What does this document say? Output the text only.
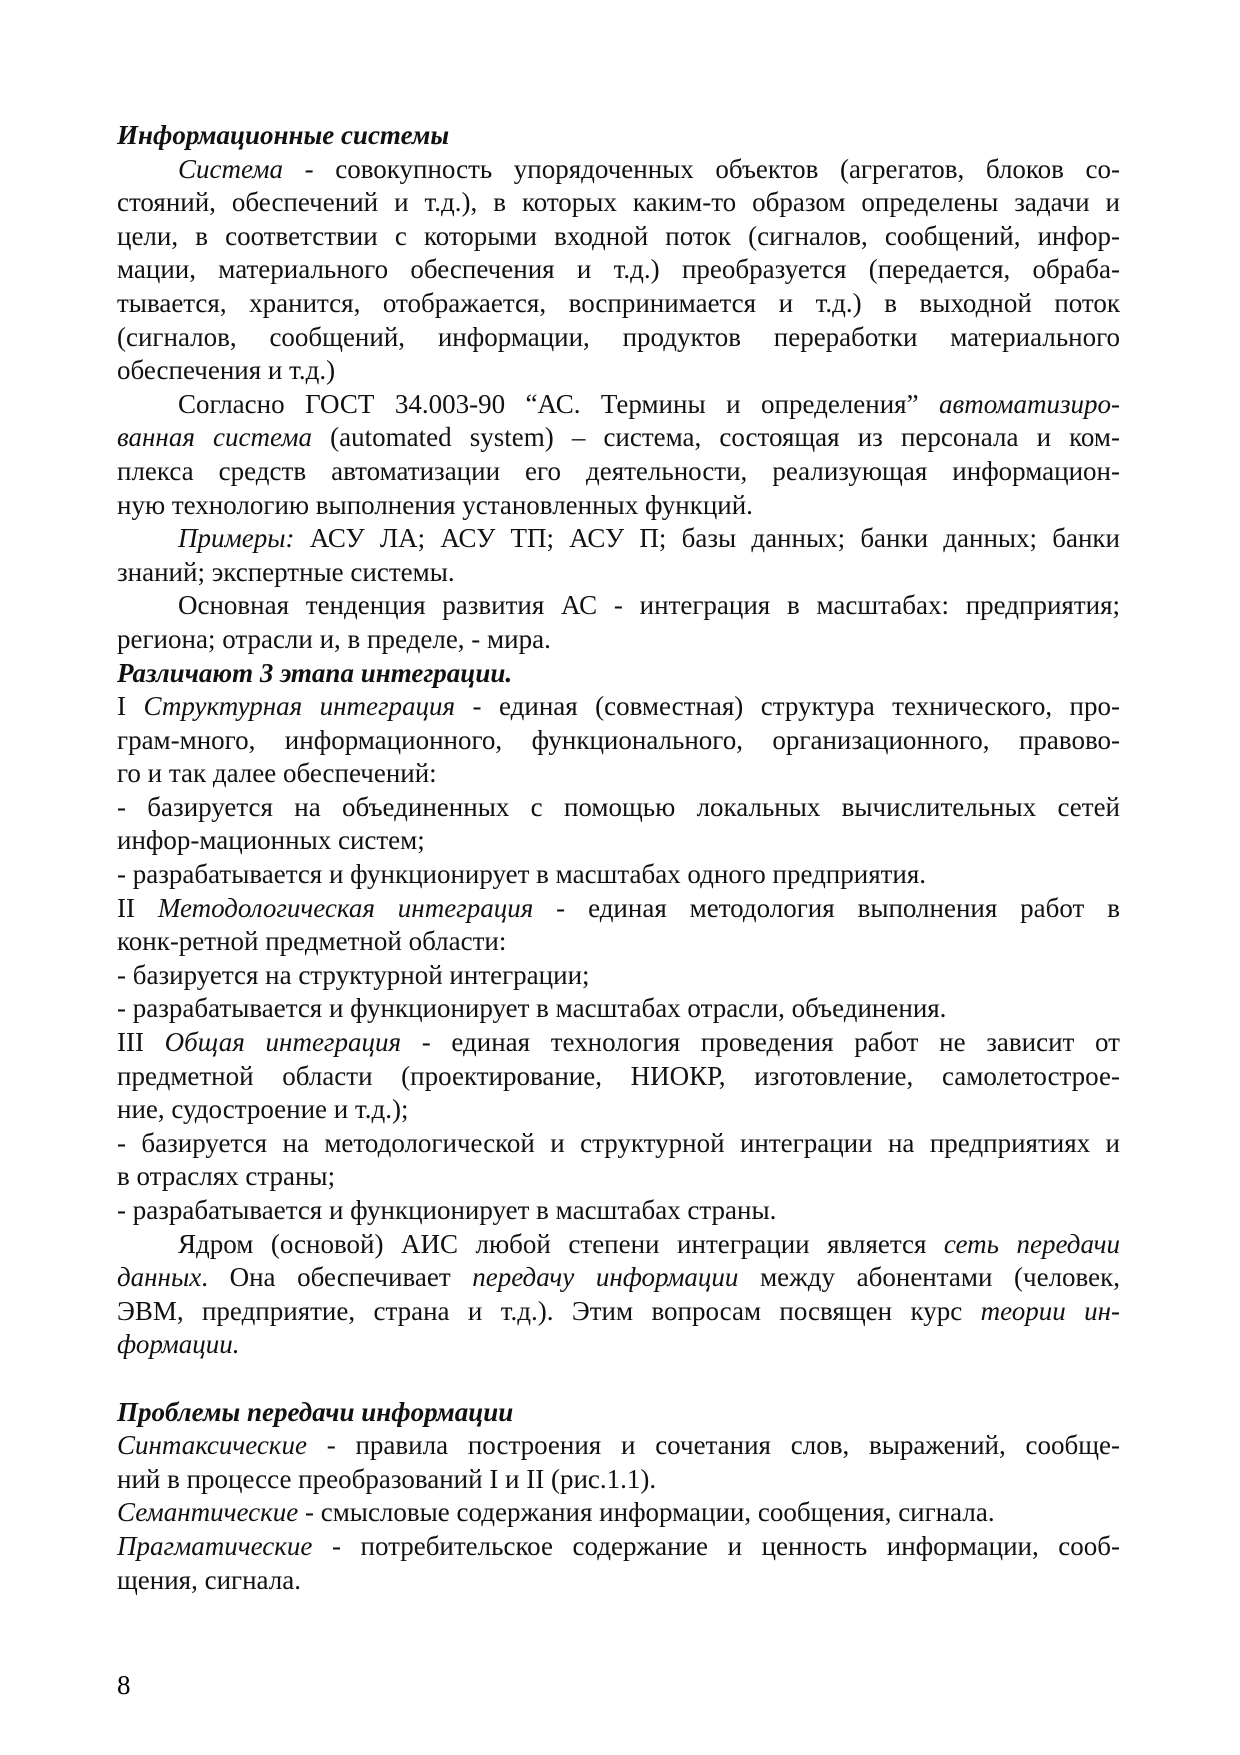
Информационные системы
Система - совокупность упорядоченных объектов (агрегатов, блоков со-
стояний, обеспечений и т.д.), в которых каким-то образом определены задачи и
цели, в соответствии с которыми входной поток (сигналов, сообщений, инфор-
мации, материального обеспечения и т.д.) преобразуется (передается, обраба-
тывается, хранится, отображается, воспринимается и т.д.) в выходной поток
(сигналов, сообщений, информации, продуктов переработки материального
обеспечения и т.д.)
Согласно ГОСТ 34.003-90 “АС. Термины и определения” автоматизиро-
ванная система (automated system) – система, состоящая из персонала и ком-
плекса средств автоматизации его деятельности, реализующая информацион-
ную технологию выполнения установленных функций.
Примеры: АСУ ЛА; АСУ ТП; АСУ П; базы данных; банки данных; банки
знаний; экспертные системы.
Основная тенденция развития АС - интеграция в масштабах: предприятия;
региона; отрасли и, в пределе, - мира.
Различают 3 этапа интеграции.
I Структурная интеграция - единая (совместная) структура технического, про-
грам-много, информационного, функционального, организационного, правово-
го и так далее обеспечений:
- базируется на объединенных с помощью локальных вычислительных сетей
инфор-мационных систем;
- разрабатывается и функционирует в масштабах одного предприятия.
II Методологическая интеграция - единая методология выполнения работ в
конк-ретной предметной области:
- базируется на структурной интеграции;
- разрабатывается и функционирует в масштабах отрасли, объединения.
III Общая интеграция - единая технология проведения работ не зависит от
предметной области (проектирование, НИОКР, изготовление, самолетострое-
ние, судостроение и т.д.);
- базируется на методологической и структурной интеграции на предприятиях и
в отраслях страны;
- разрабатывается и функционирует в масштабах страны.
Ядром (основой) АИС любой степени интеграции является сеть передачи
данных. Она обеспечивает передачу информации между абонентами (человек,
ЭВМ, предприятие, страна и т.д.). Этим вопросам посвящен курс теории ин-
формации.
Проблемы передачи информации
Синтаксические - правила построения и сочетания слов, выражений, сообще-
ний в процессе преобразований I и II (рис.1.1).
Семантические - смысловые содержания информации, сообщения, сигнала.
Прагматические - потребительское содержание и ценность информации, сооб-
щения, сигнала.
8
